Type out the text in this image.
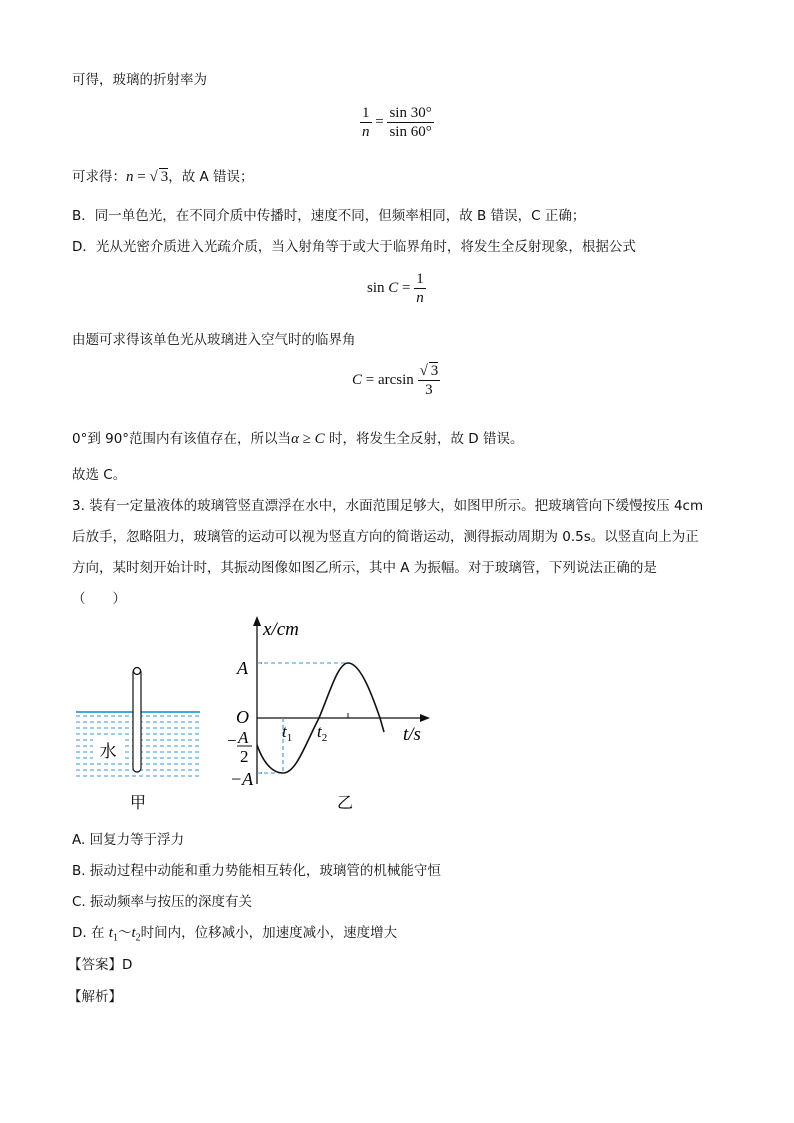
可得，玻璃的折射率为
$\frac{1}{n} = \frac{\sin 30^\circ}{\sin 60^\circ}$
可求得：n = √ 3，故 A 错误；
B．同一单色光，在不同介质中传播时，速度不同，但频率相同，故 B 错误，C 正确；
D．光从光密介质进入光疏介质，当入射角等于或大于临界角时，将发生全反射现象，根据公式
$\sin C = \frac{1}{n}$
由题可求得该单色光从玻璃进入空气时的临界角
$C = \arcsin \frac{√ 3}{3}$
0°到 90°范围内有该值存在，所以当α ≥ C 时，将发生全反射，故 D 错误。
故选 C。
3. 装有一定量液体的玻璃管竖直漂浮在水中，水面范围足够大，如图甲所示。把玻璃管向下缓慢按压 4cm
后放手，忽略阻力，玻璃管的运动可以视为竖直方向的简谐运动，测得振动周期为 0.5s。以竖直向上为正
方向，某时刻开始计时，其振动图像如图乙所示，其中 A 为振幅。对于玻璃管，下列说法正确的是
（　　）
水
甲
x/cm
t/s
O
A
−A
− A
2
$t_1$ $t_2$
乙
A. 回复力等于浮力
B. 振动过程中动能和重力势能相互转化，玻璃管的机械能守恒
C. 振动频率与按压的深度有关
D. 在 $t_1\sim t_2$时间内，位移减小，加速度减小，速度增大
【答案】D
【解析】
